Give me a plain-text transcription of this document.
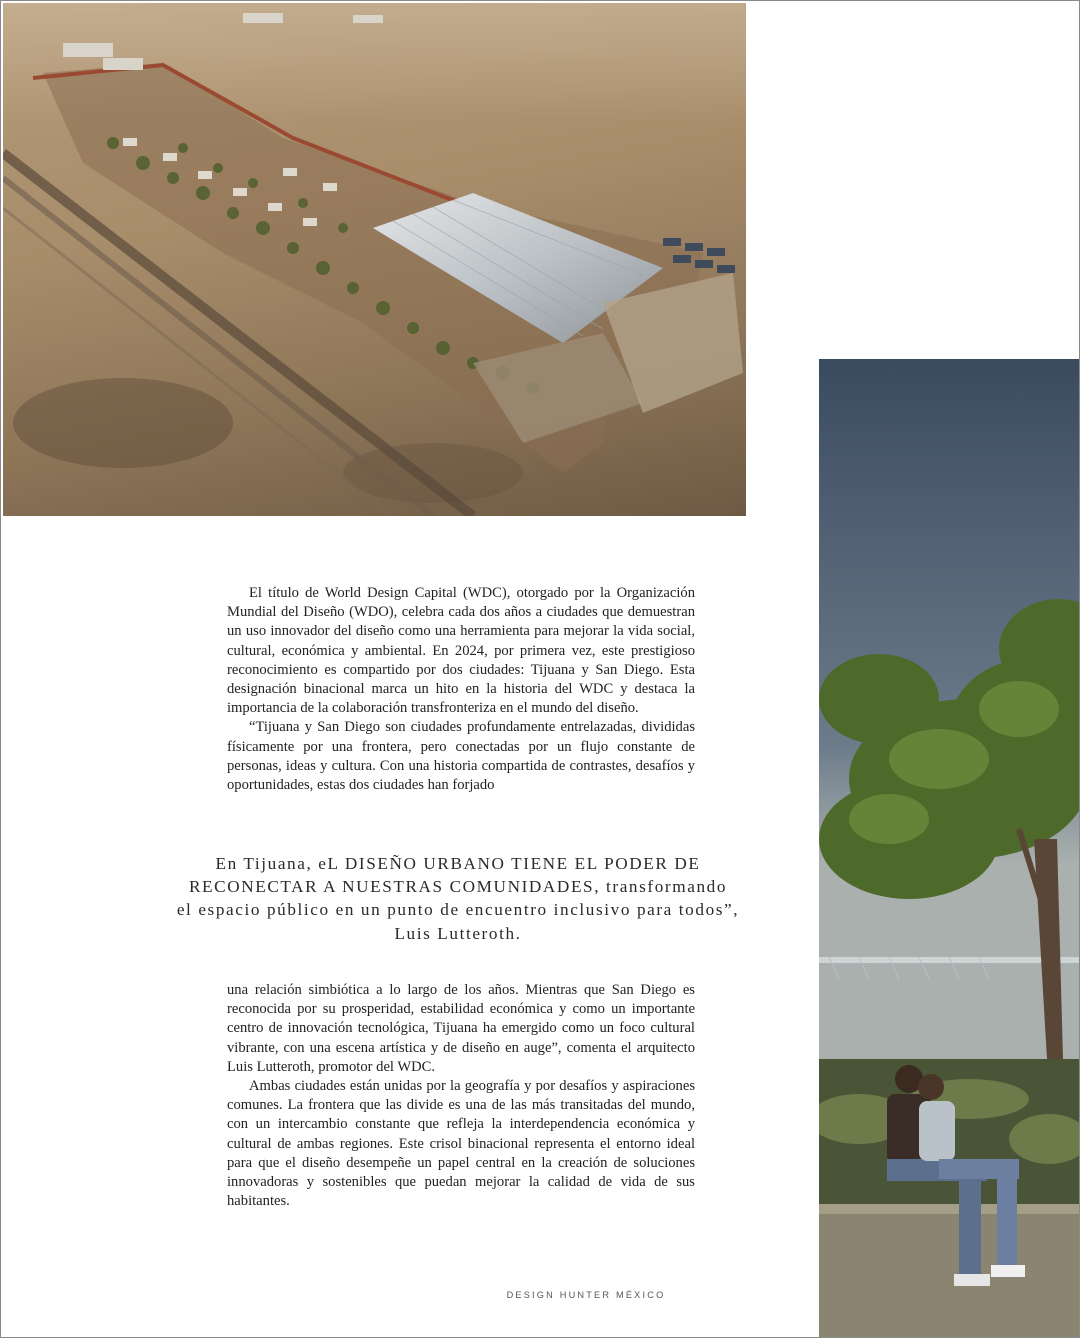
El título de World Design Capital (WDC), otorgado por la Organización Mundial del Diseño (WDO), celebra cada dos años a ciudades que demuestran un uso innovador del diseño como una herramienta para mejorar la vida social, cultural, económica y ambiental. En 2024, por primera vez, este prestigioso reconocimiento es compartido por dos ciudades: Tijuana y San Diego. Esta designación binacional marca un hito en la historia del WDC y destaca la importancia de la colaboración transfronteriza en el mundo del diseño.

“Tijuana y San Diego son ciudades profundamente entrelazadas, divididas físicamente por una frontera, pero conectadas por un flujo constante de personas, ideas y cultura. Con una historia compartida de contrastes, desafíos y oportunidades, estas dos ciudades han forjado

En Tijuana, eL DISEÑO URBANO TIENE EL PODER DE
RECONECTAR A NUESTRAS COMUNIDADES, transformando
el espacio público en un punto de encuentro inclusivo para todos”,
Luis Lutteroth.

una relación simbiótica a lo largo de los años. Mientras que San Diego es reconocida por su prosperidad, estabilidad económica y como un importante centro de innovación tecnológica, Tijuana ha emergido como un foco cultural vibrante, con una escena artística y de diseño en auge”, comenta el arquitecto Luis Lutteroth, promotor del WDC.

Ambas ciudades están unidas por la geografía y por desafíos y aspiraciones comunes. La frontera que las divide es una de las más transitadas del mundo, con un intercambio constante que refleja la interdependencia económica y cultural de ambas regiones. Este crisol binacional representa el entorno ideal para que el diseño desempeñe un papel central en la creación de soluciones innovadoras y sostenibles que puedan mejorar la calidad de vida de sus habitantes.

DESIGN HUNTER MÉXICO
